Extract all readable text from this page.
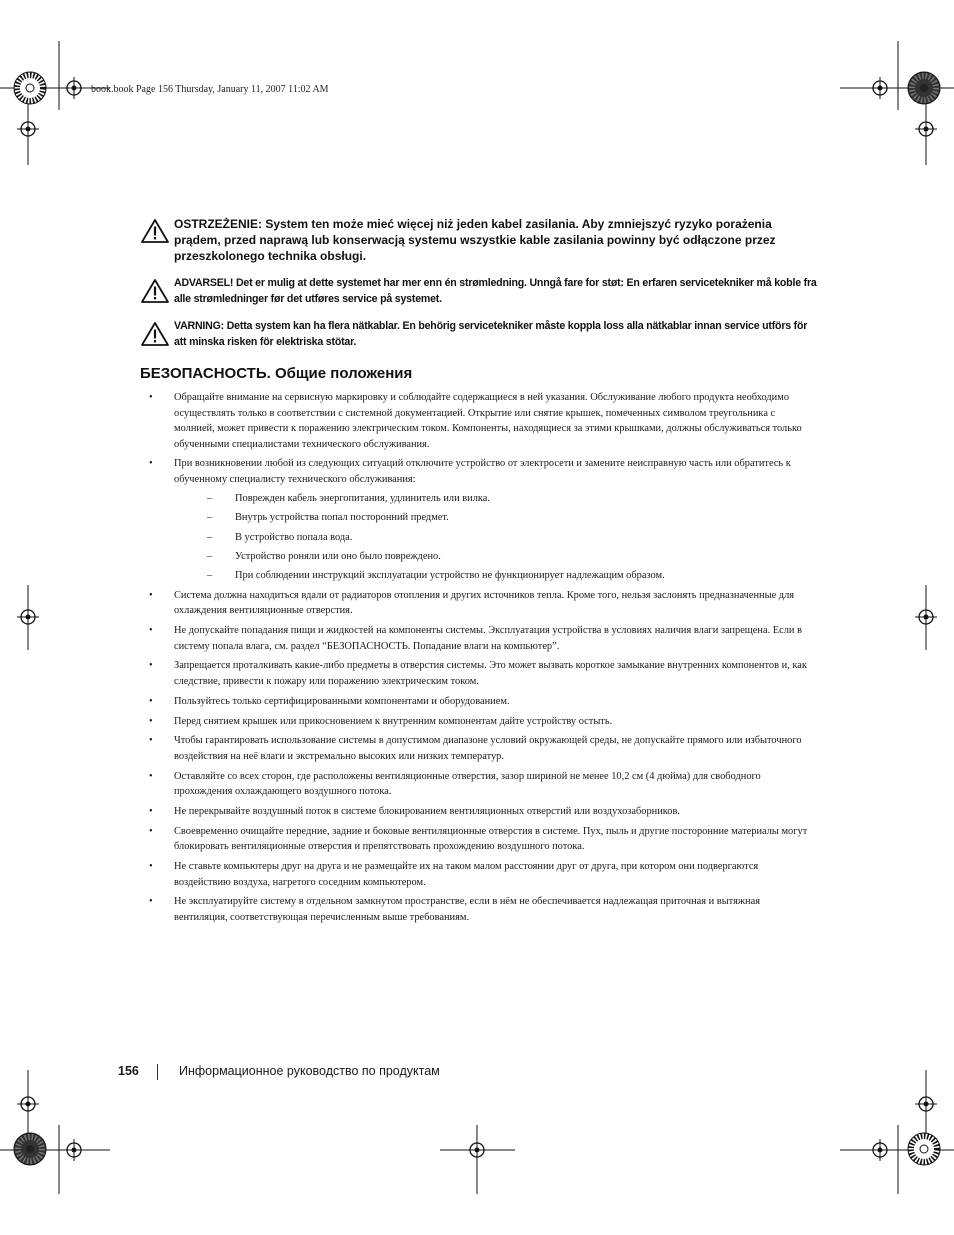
book.book Page 156 Thursday, January 11, 2007 11:02 AM
OSTRZEŻENIE: System ten może mieć więcej niż jeden kabel zasilania. Aby zmniejszyć ryzyko porażenia prądem, przed naprawą lub konserwacją systemu wszystkie kable zasilania powinny być odłączone przez przeszkolonego technika obsługi.
ADVARSEL! Det er mulig at dette systemet har mer enn én strømledning. Unngå fare for støt: En erfaren servicetekniker må koble fra alle strømledninger før det utføres service på systemet.
VARNING: Detta system kan ha flera nätkablar. En behörig servicetekniker måste koppla loss alla nätkablar innan service utförs för att minska risken för elektriska stötar.
БЕЗОПАСНОСТЬ. Общие положения
• Обращайте внимание на сервисную маркировку и соблюдайте содержащиеся в ней указания. Обслуживание любого продукта необходимо осуществлять только в соответствии с системной документацией. Открытие или снятие крышек, помеченных символом треугольника с молнией, может привести к поражению электрическим током. Компоненты, находящиеся за этими крышками, должны обслуживаться только обученными специалистами технического обслуживания.
• При возникновении любой из следующих ситуаций отключите устройство от электросети и замените неисправную часть или обратитесь к обученному специалисту технического обслуживания:
– Поврежден кабель энергопитания, удлинитель или вилка.
– Внутрь устройства попал посторонний предмет.
– В устройство попала вода.
– Устройство роняли или оно было повреждено.
– При соблюдении инструкций эксплуатации устройство не функционирует надлежащим образом.
• Система должна находиться вдали от радиаторов отопления и других источников тепла. Кроме того, нельзя заслонять предназначенные для охлаждения вентиляционные отверстия.
• Не допускайте попадания пищи и жидкостей на компоненты системы. Эксплуатация устройства в условиях наличия влаги запрещена. Если в систему попала влага, см. раздел “БЕЗОПАСНОСТЬ. Попадание влаги на компьютер”.
• Запрещается проталкивать какие-либо предметы в отверстия системы. Это может вызвать короткое замыкание внутренних компонентов и, как следствие, привести к пожару или поражению электрическим током.
• Пользуйтесь только сертифицированными компонентами и оборудованием.
• Перед снятием крышек или прикосновением к внутренним компонентам дайте устройству остыть.
• Чтобы гарантировать использование системы в допустимом диапазоне условий окружающей среды, не допускайте прямого или избыточного воздействия на неё влаги и экстремально высоких или низких температур.
• Оставляйте со всех сторон, где расположены вентиляционные отверстия, зазор шириной не менее 10,2 см (4 дюйма) для свободного прохождения охлаждающего воздушного потока.
• Не перекрывайте воздушный поток в системе блокированием вентиляционных отверстий или воздухозаборников.
• Своевременно очищайте передние, задние и боковые вентиляционные отверстия в системе. Пух, пыль и другие посторонние материалы могут блокировать вентиляционные отверстия и препятствовать прохождению воздушного потока.
• Не ставьте компьютеры друг на друга и не размещайте их на таком малом расстоянии друг от друга, при котором они подвергаются воздействию воздуха, нагретого соседним компьютером.
• Не эксплуатируйте систему в отдельном замкнутом пространстве, если в нём не обеспечивается надлежащая приточная и вытяжная вентиляция, соответствующая перечисленным выше требованиям.
156	Информационное руководство по продуктам
